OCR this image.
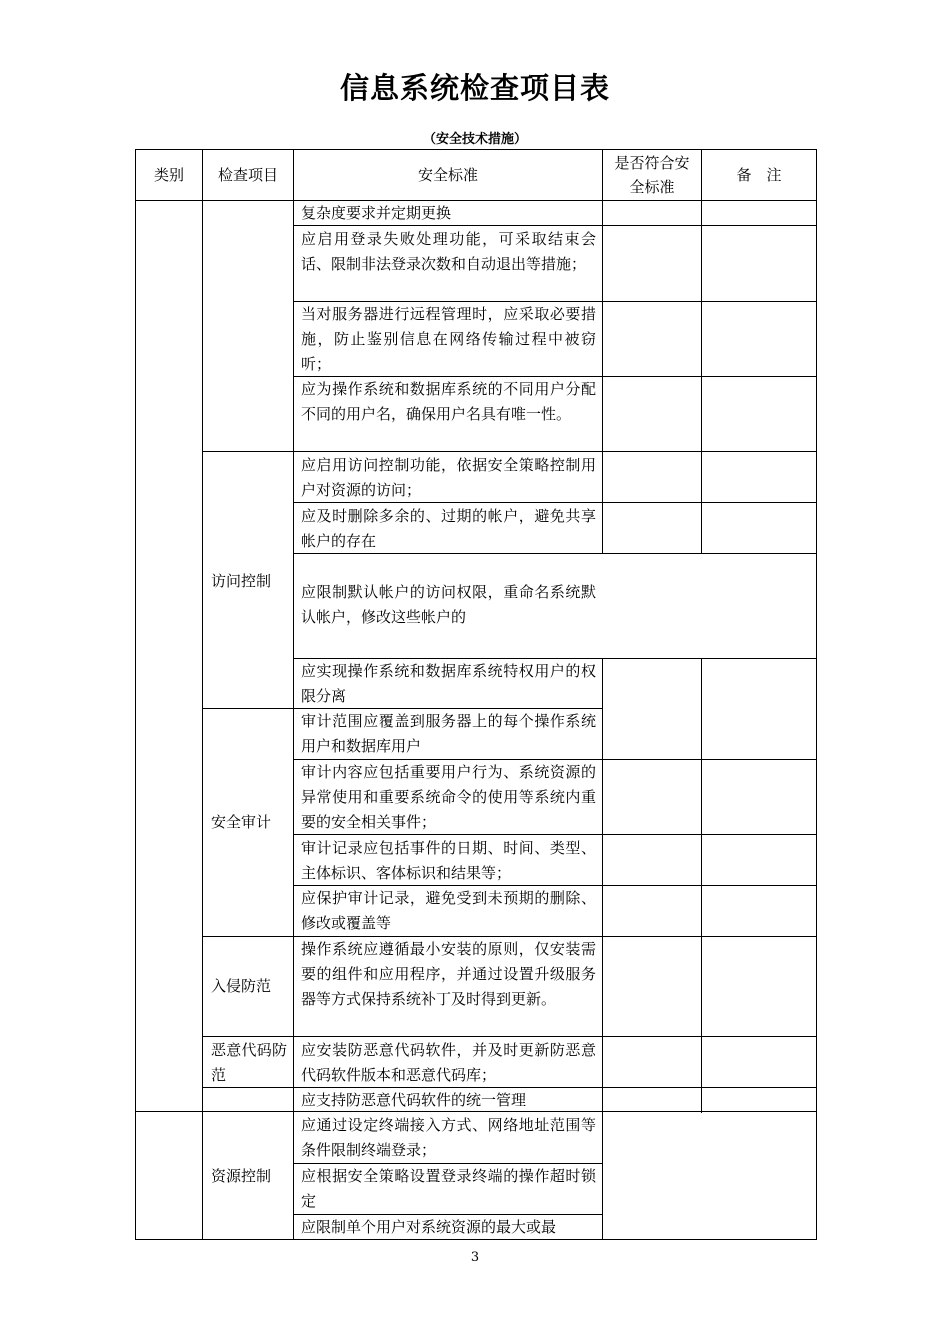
信息系统检查项目表
（安全技术措施）
类别	检查项目	安全标准
是否符合安全标准
备　注
访问控制
安全审计
入侵防范
恶意代码防范
资源控制
复杂度要求并定期更换
应启用登录失败处理功能，可采取结束会话、限制非法登录次数和自动退出等措施；
当对服务器进行远程管理时，应采取必要措施，防止鉴别信息在网络传输过程中被窃听；
应为操作系统和数据库系统的不同用户分配不同的用户名，确保用户名具有唯一性。
应启用访问控制功能，依据安全策略控制用户对资源的访问；
应及时删除多余的、过期的帐户，避免共享帐户的存在
应限制默认帐户的访问权限，重命名系统默认帐户，修改这些帐户的
应实现操作系统和数据库系统特权用户的权限分离
审计范围应覆盖到服务器上的每个操作系统用户和数据库用户
审计内容应包括重要用户行为、系统资源的异常使用和重要系统命令的使用等系统内重要的安全相关事件；
审计记录应包括事件的日期、时间、类型、主体标识、客体标识和结果等；
应保护审计记录，避免受到未预期的删除、修改或覆盖等
操作系统应遵循最小安装的原则，仅安装需要的组件和应用程序，并通过设置升级服务器等方式保持系统补丁及时得到更新。
应安装防恶意代码软件，并及时更新防恶意代码软件版本和恶意代码库；
应支持防恶意代码软件的统一管理
应通过设定终端接入方式、网络地址范围等条件限制终端登录；
应根据安全策略设置登录终端的操作超时锁定
应限制单个用户对系统资源的最大或最
3
